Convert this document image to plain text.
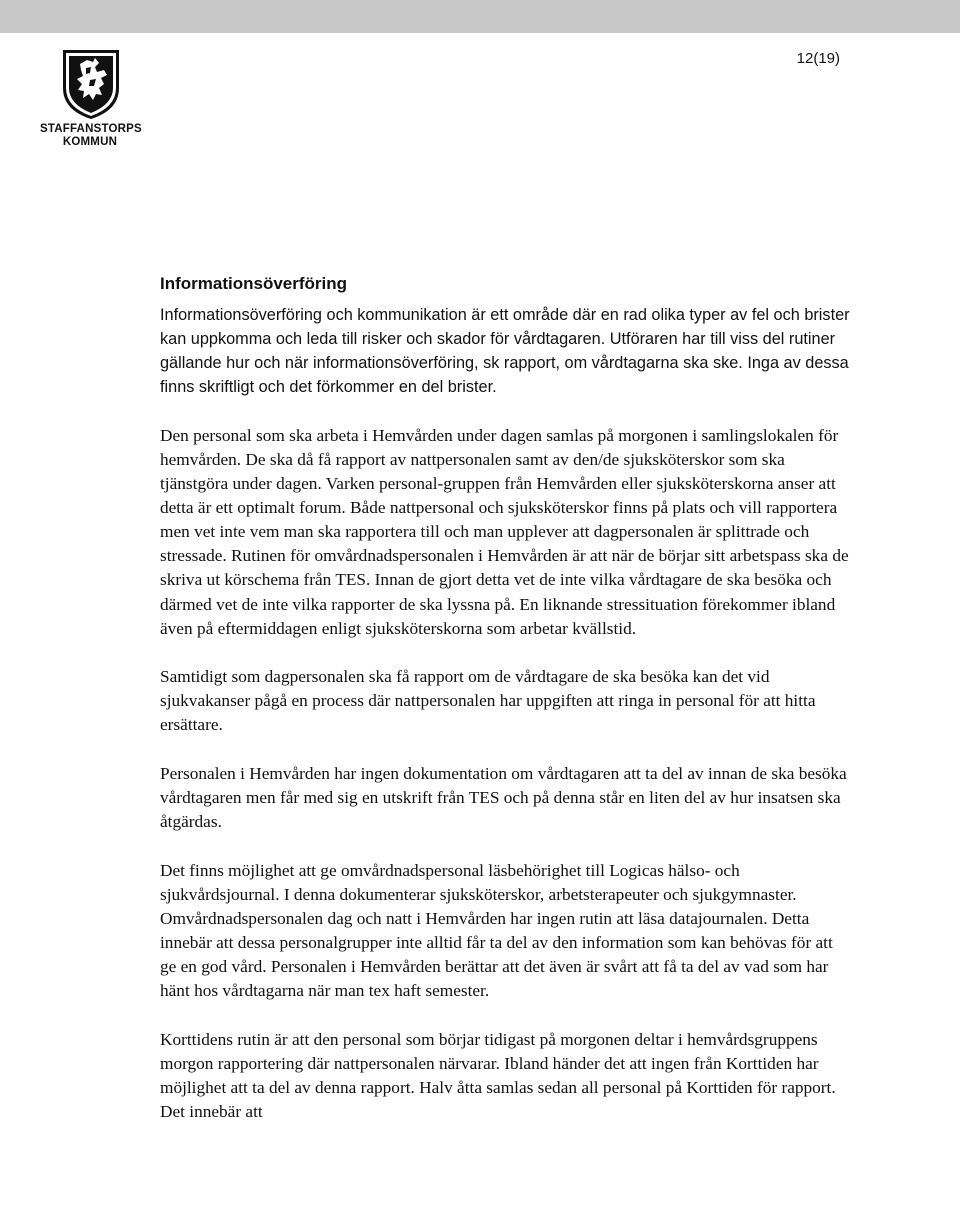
STAFFANSTORPS
KOMMUN
12(19)
Informationsöverföring

Informationsöverföring och kommunikation är ett område där en rad olika typer av fel och brister kan uppkomma och leda till risker och skador för vårdtagaren. Utföraren har till viss del rutiner gällande hur och när informationsöverföring, sk rapport, om vårdtagarna ska ske. Inga av dessa finns skriftligt och det förkommer en del brister.

Den personal som ska arbeta i Hemvården under dagen samlas på morgonen i samlingslokalen för hemvården. De ska då få rapport av nattpersonalen samt av den/de sjuksköterskor som ska tjänstgöra under dagen. Varken personal-gruppen från Hemvården eller sjuksköterskorna anser att detta är ett optimalt forum. Både nattpersonal och sjuksköterskor finns på plats och vill rapportera men vet inte vem man ska rapportera till och man upplever att dagpersonalen är splittrade och stressade. Rutinen för omvårdnadspersonalen i Hemvården är att när de börjar sitt arbetspass ska de skriva ut körschema från TES. Innan de gjort detta vet de inte vilka vårdtagare de ska besöka och därmed vet de inte vilka rapporter de ska lyssna på. En liknande stressituation förekommer ibland även på eftermiddagen enligt sjuksköterskorna som arbetar kvällstid.

Samtidigt som dagpersonalen ska få rapport om de vårdtagare de ska besöka kan det vid sjukvakanser pågå en process där nattpersonalen har uppgiften att ringa in personal för att hitta ersättare.

Personalen i Hemvården har ingen dokumentation om vårdtagaren att ta del av innan de ska besöka vårdtagaren men får med sig en utskrift från TES och på denna står en liten del av hur insatsen ska åtgärdas.

Det finns möjlighet att ge omvårdnadspersonal läsbehörighet till Logicas hälso- och sjukvårdsjournal. I denna dokumenterar sjuksköterskor, arbetsterapeuter och sjukgymnaster. Omvårdnadspersonalen dag och natt i Hemvården har ingen rutin att läsa datajournalen. Detta innebär att dessa personalgrupper inte alltid får ta del av den information som kan behövas för att ge en god vård. Personalen i Hemvården berättar att det även är svårt att få ta del av vad som har hänt hos vårdtagarna när man tex haft semester.

Korttidens rutin är att den personal som börjar tidigast på morgonen deltar i hemvårdsgruppens morgon rapportering där nattpersonalen närvarar. Ibland händer det att ingen från Korttiden har möjlighet att ta del av denna rapport. Halv åtta samlas sedan all personal på Korttiden för rapport. Det innebär att
